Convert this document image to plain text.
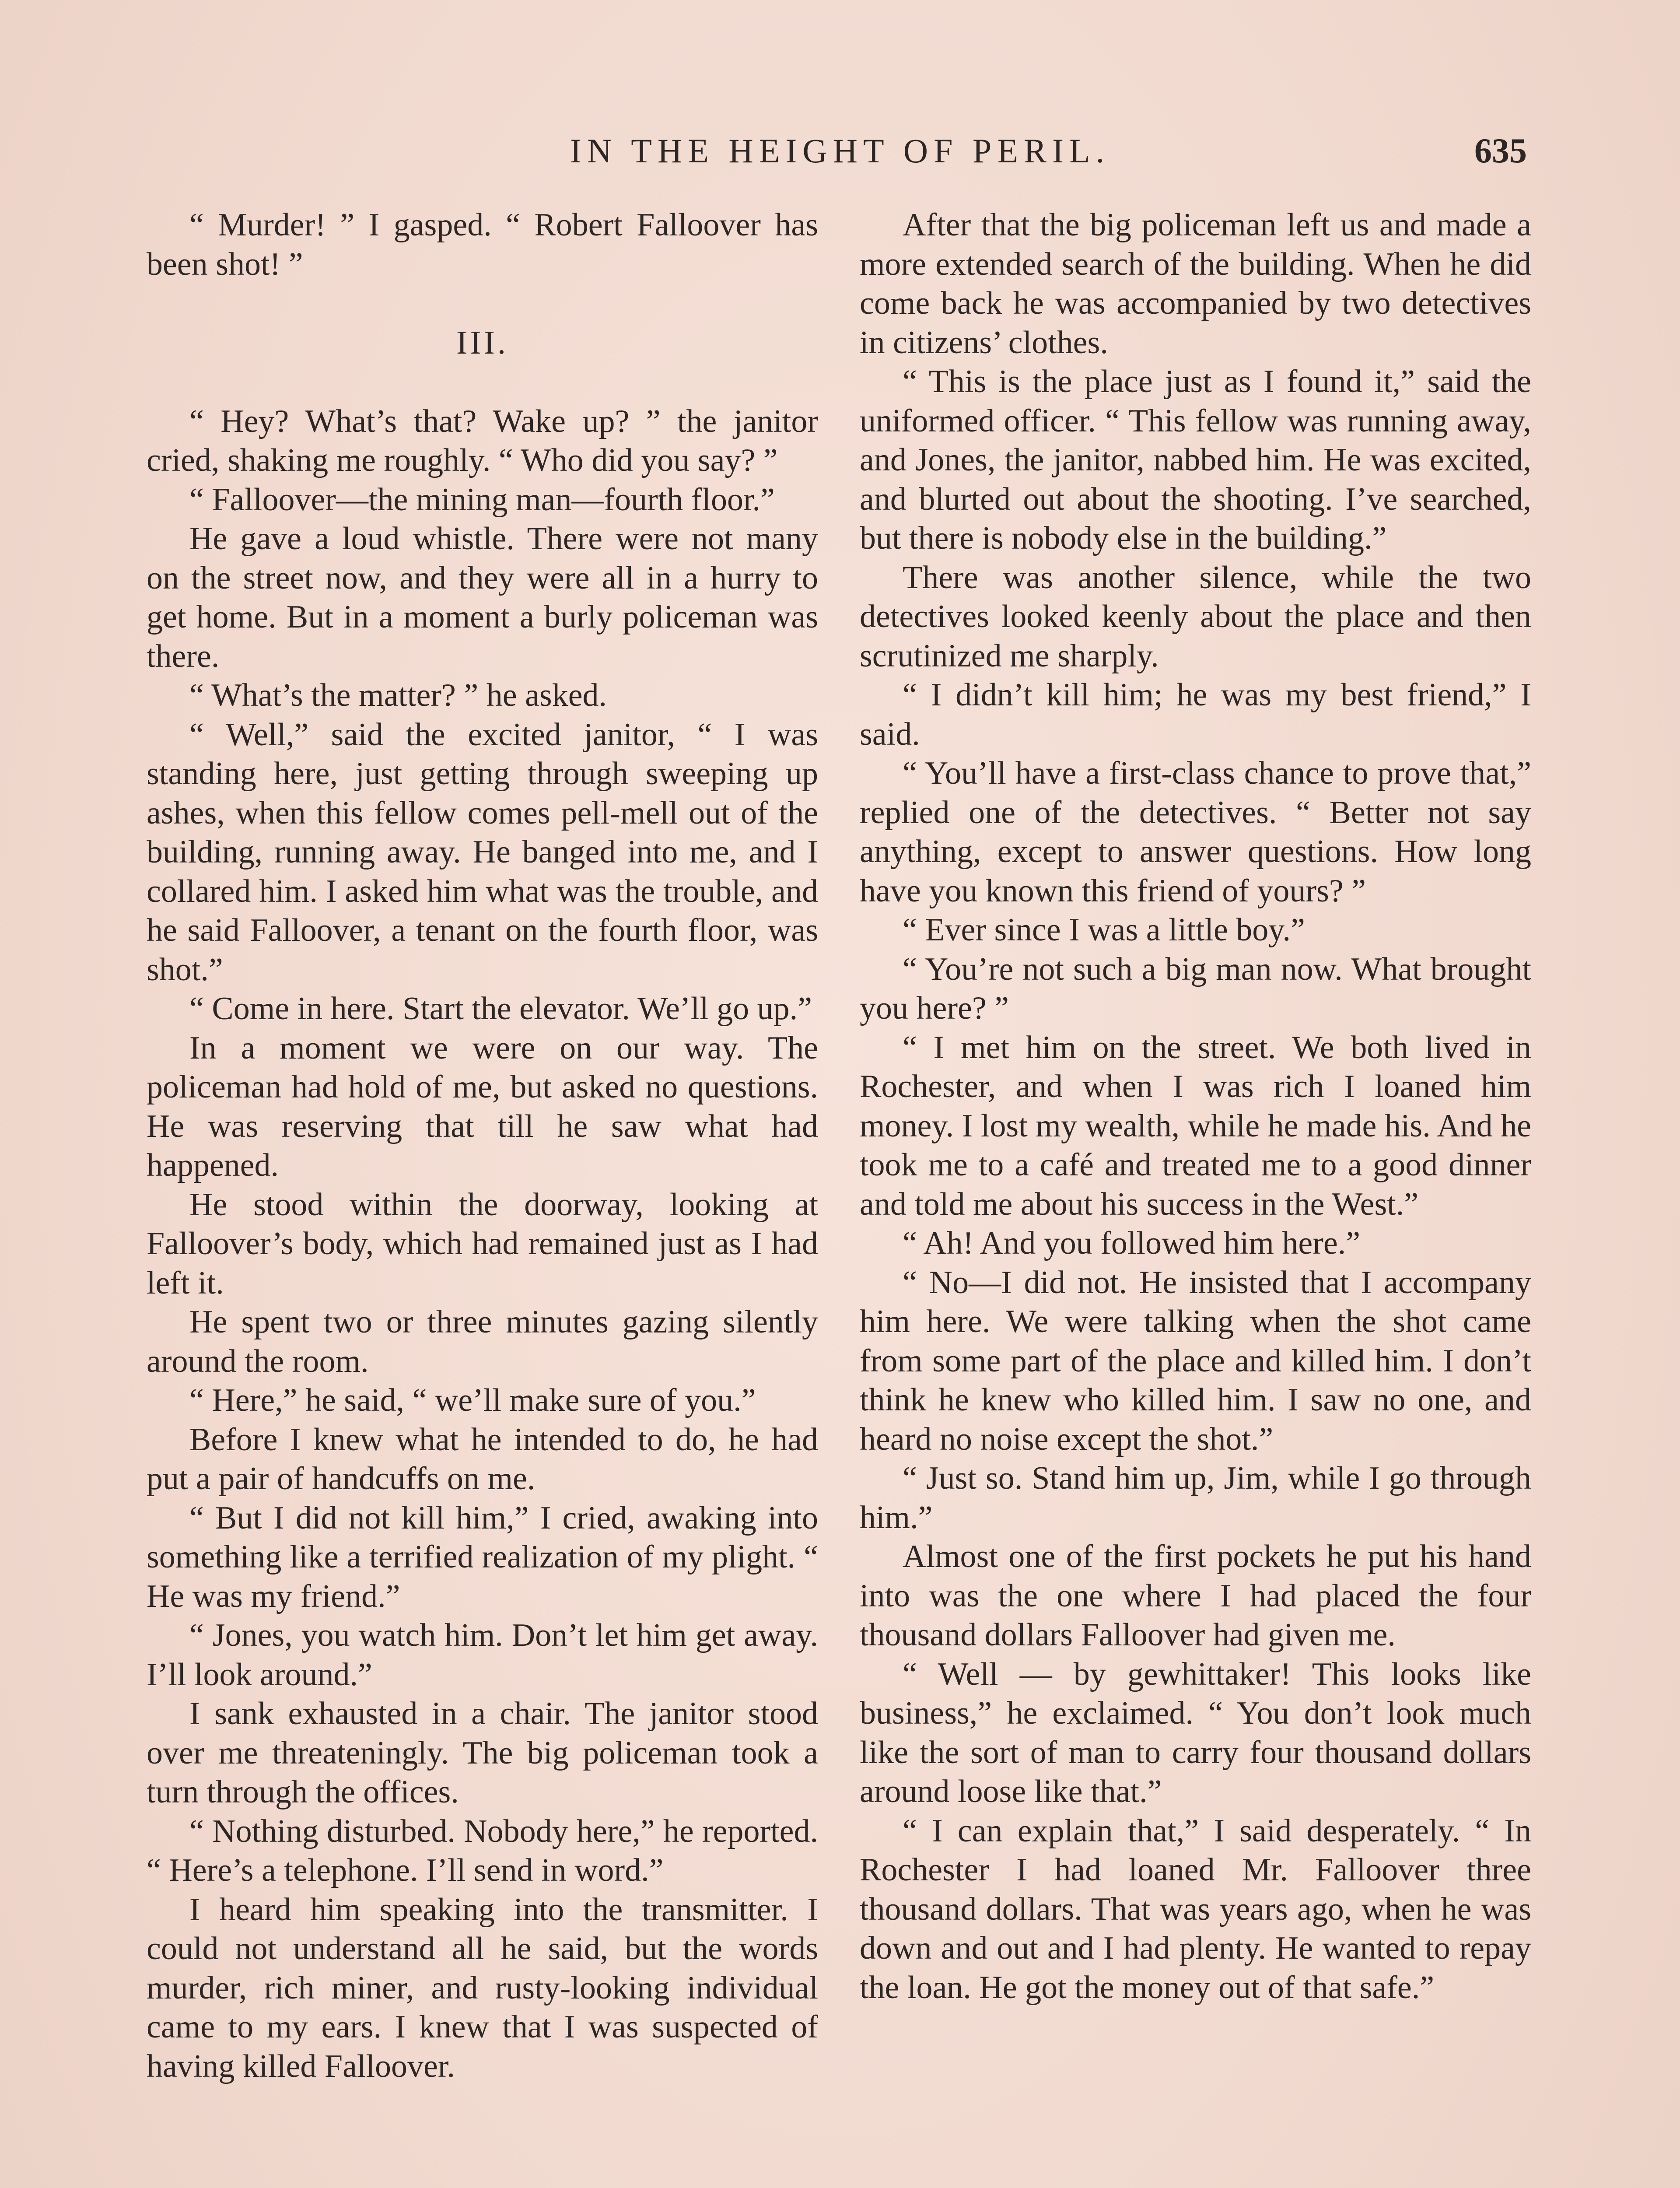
IN THE HEIGHT OF PERIL.	635

“ Murder! ” I gasped. “ Robert Falloover has been shot! ”

III.

“ Hey? What’s that? Wake up? ” the janitor cried, shaking me roughly. “ Who did you say? ”

“ Falloover—the mining man—fourth floor.”

He gave a loud whistle. There were not many on the street now, and they were all in a hurry to get home. But in a moment a burly policeman was there.

“ What’s the matter? ” he asked.

“ Well,” said the excited janitor, “ I was standing here, just getting through sweeping up ashes, when this fellow comes pell-mell out of the building, running away. He banged into me, and I collared him. I asked him what was the trouble, and he said Falloover, a tenant on the fourth floor, was shot.”

“ Come in here. Start the elevator. We’ll go up.”

In a moment we were on our way. The policeman had hold of me, but asked no questions. He was reserving that till he saw what had happened.

He stood within the doorway, looking at Falloover’s body, which had remained just as I had left it.

He spent two or three minutes gazing silently around the room.

“ Here,” he said, “ we’ll make sure of you.”

Before I knew what he intended to do, he had put a pair of handcuffs on me.

“ But I did not kill him,” I cried, awaking into something like a terrified realization of my plight. “ He was my friend.”

“ Jones, you watch him. Don’t let him get away. I’ll look around.”

I sank exhausted in a chair. The janitor stood over me threateningly. The big policeman took a turn through the offices.

“ Nothing disturbed. Nobody here,” he reported. “ Here’s a telephone. I’ll send in word.”

I heard him speaking into the transmitter. I could not understand all he said, but the words murder, rich miner, and rusty-looking individual came to my ears. I knew that I was suspected of having killed Falloover.

After that the big policeman left us and made a more extended search of the building. When he did come back he was accompanied by two detectives in citizens’ clothes.

“ This is the place just as I found it,” said the uniformed officer. “ This fellow was running away, and Jones, the janitor, nabbed him. He was excited, and blurted out about the shooting. I’ve searched, but there is nobody else in the building.”

There was another silence, while the two detectives looked keenly about the place and then scrutinized me sharply.

“ I didn’t kill him; he was my best friend,” I said.

“ You’ll have a first-class chance to prove that,” replied one of the detectives. “ Better not say anything, except to answer questions. How long have you known this friend of yours? ”

“ Ever since I was a little boy.”

“ You’re not such a big man now. What brought you here? ”

“ I met him on the street. We both lived in Rochester, and when I was rich I loaned him money. I lost my wealth, while he made his. And he took me to a café and treated me to a good dinner and told me about his success in the West.”

“ Ah! And you followed him here.”

“ No—I did not. He insisted that I accompany him here. We were talking when the shot came from some part of the place and killed him. I don’t think he knew who killed him. I saw no one, and heard no noise except the shot.”

“ Just so. Stand him up, Jim, while I go through him.”

Almost one of the first pockets he put his hand into was the one where I had placed the four thousand dollars Falloover had given me.

“ Well — by gewhittaker! This looks like business,” he exclaimed. “ You don’t look much like the sort of man to carry four thousand dollars around loose like that.”

“ I can explain that,” I said desperately. “ In Rochester I had loaned Mr. Falloover three thousand dollars. That was years ago, when he was down and out and I had plenty. He wanted to repay the loan. He got the money out of that safe.”
